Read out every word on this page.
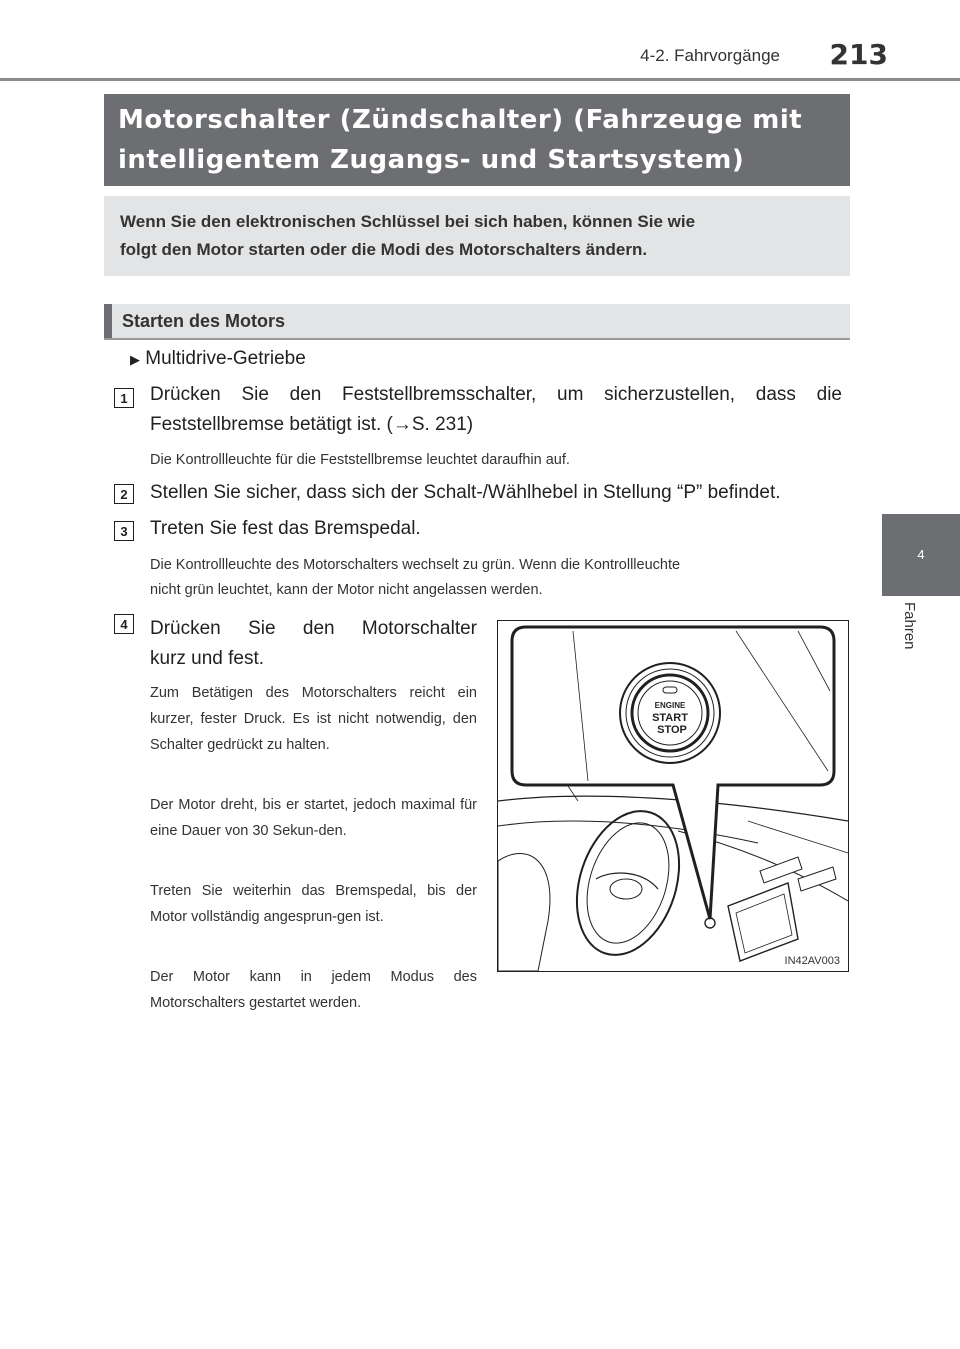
4-2. Fahrvorgänge 213
4
Fahren
Motorschalter (Zündschalter) (Fahrzeuge mit
intelligentem Zugangs- und Startsystem)
Wenn Sie den elektronischen Schlüssel bei sich haben, können Sie wie
folgt den Motor starten oder die Modi des Motorschalters ändern.
Starten des Motors
▶ Multidrive-Getriebe
1	Drücken Sie den Feststellbremsschalter, um sicherzustellen, dass die
Feststellbremse betätigt ist. (→S. 231)
Die Kontrollleuchte für die Feststellbremse leuchtet daraufhin auf.
2	Stellen Sie sicher, dass sich der Schalt-/Wählhebel in Stellung “P” befindet.
3	Treten Sie fest das Bremspedal.
Die Kontrollleuchte des Motorschalters wechselt zu grün. Wenn die Kontrollleuchte
nicht grün leuchtet, kann der Motor nicht angelassen werden.
4	Drücken Sie den Motorschalter
kurz und fest.
Zum Betätigen des Motorschalters reicht ein kurzer, fester Druck. Es ist nicht notwendig, den Schalter gedrückt zu halten.
Der Motor dreht, bis er startet, jedoch maximal für eine Dauer von 30 Sekun-den.
Treten Sie weiterhin das Bremspedal, bis der Motor vollständig angesprun-gen ist.
Der Motor kann in jedem Modus des Motorschalters gestartet werden.
ENGINE
START
STOP
IN42AV003
